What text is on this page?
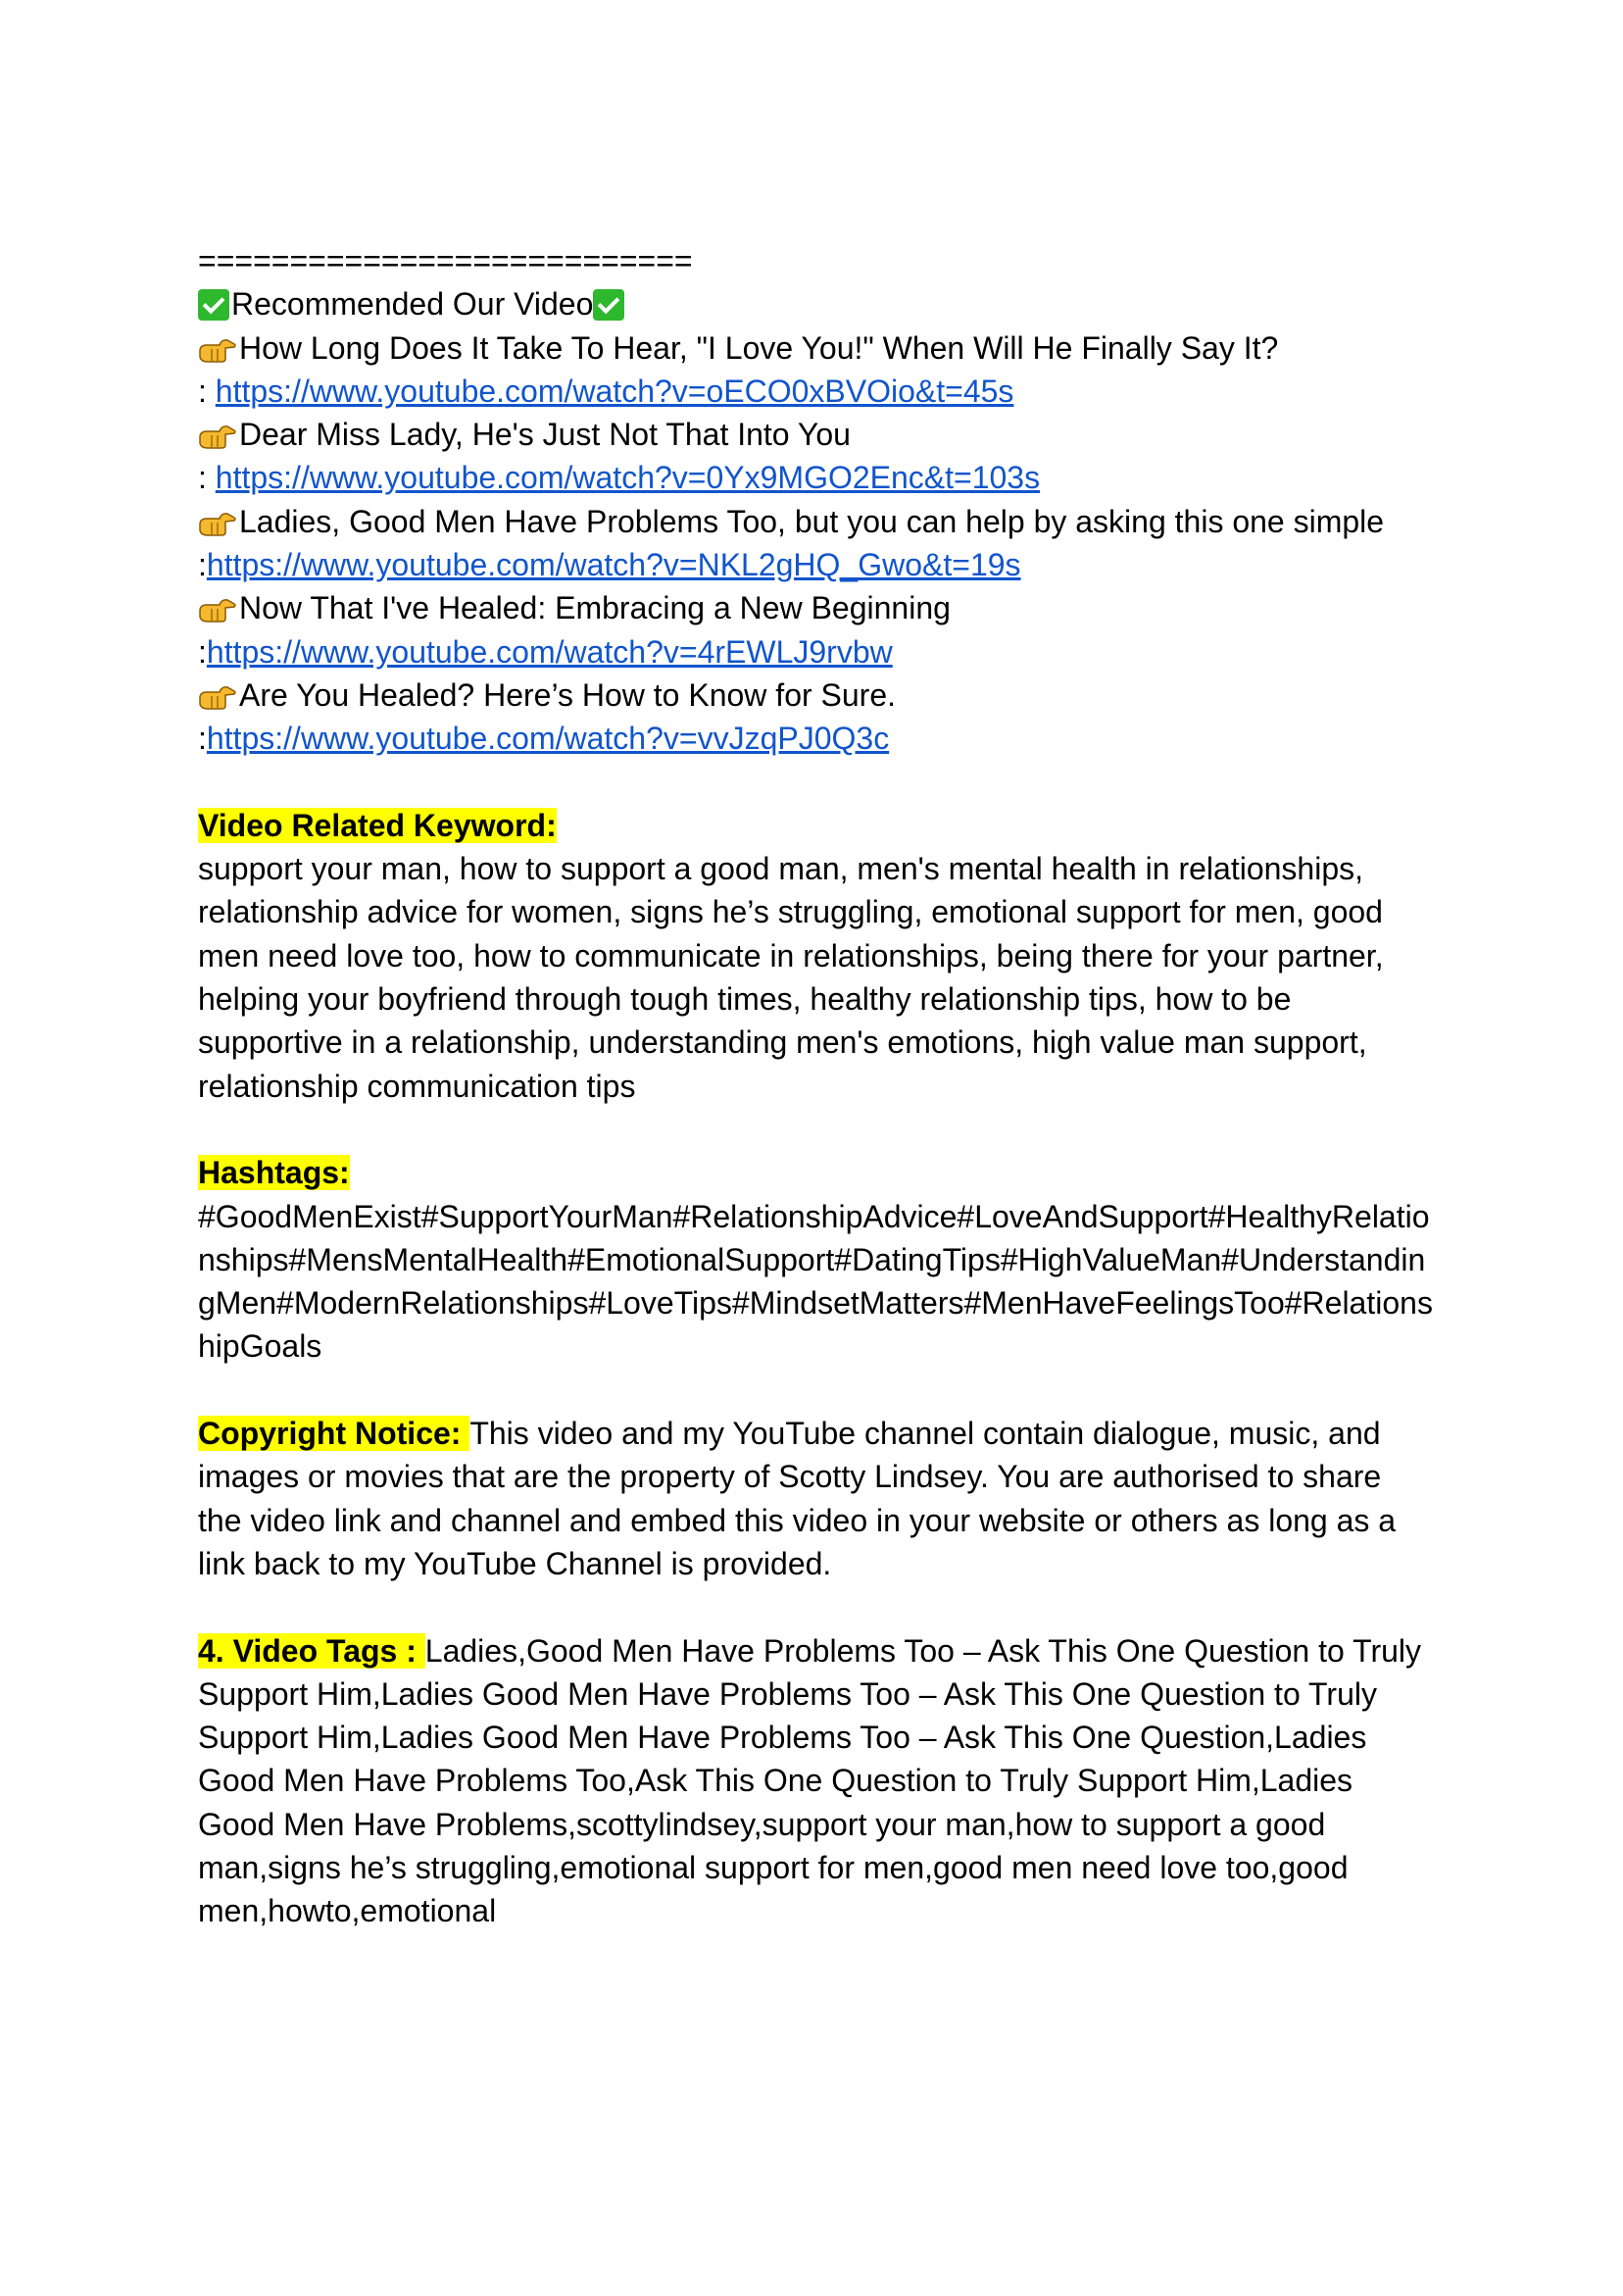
===========================
Recommended Our Video
How Long Does It Take To Hear, "I Love You!" When Will He Finally Say It?
: https://www.youtube.com/watch?v=oECO0xBVOio&t=45s
Dear Miss Lady, He's Just Not That Into You
: https://www.youtube.com/watch?v=0Yx9MGO2Enc&t=103s
Ladies, Good Men Have Problems Too, but you can help by asking this one simple
:https://www.youtube.com/watch?v=NKL2gHQ_Gwo&t=19s
Now That I've Healed: Embracing a New Beginning
:https://www.youtube.com/watch?v=4rEWLJ9rvbw
Are You Healed? Here’s How to Know for Sure.
:https://www.youtube.com/watch?v=vvJzqPJ0Q3c
Video Related Keyword:
support your man, how to support a good man, men's mental health in relationships, relationship advice for women, signs he’s struggling, emotional support for men, good men need love too, how to communicate in relationships, being there for your partner, helping your boyfriend through tough times, healthy relationship tips, how to be supportive in a relationship, understanding men's emotions, high value man support, relationship communication tips
Hashtags:
#GoodMenExist#SupportYourMan#RelationshipAdvice#LoveAndSupport#HealthyRelationships#MensMentalHealth#EmotionalSupport#DatingTips#HighValueMan#UnderstandingMen#ModernRelationships#LoveTips#MindsetMatters#MenHaveFeelingsToo#RelationshipGoals
Copyright Notice: This video and my YouTube channel contain dialogue, music, and images or movies that are the property of Scotty Lindsey. You are authorised to share the video link and channel and embed this video in your website or others as long as a link back to my YouTube Channel is provided.
4. Video Tags : Ladies,Good Men Have Problems Too – Ask This One Question to Truly Support Him,Ladies Good Men Have Problems Too – Ask This One Question to Truly Support Him,Ladies Good Men Have Problems Too – Ask This One Question,Ladies Good Men Have Problems Too,Ask This One Question to Truly Support Him,Ladies Good Men Have Problems,scottylindsey,support your man,how to support a good man,signs he’s struggling,emotional support for men,good men need love too,good men,howto,emotional
